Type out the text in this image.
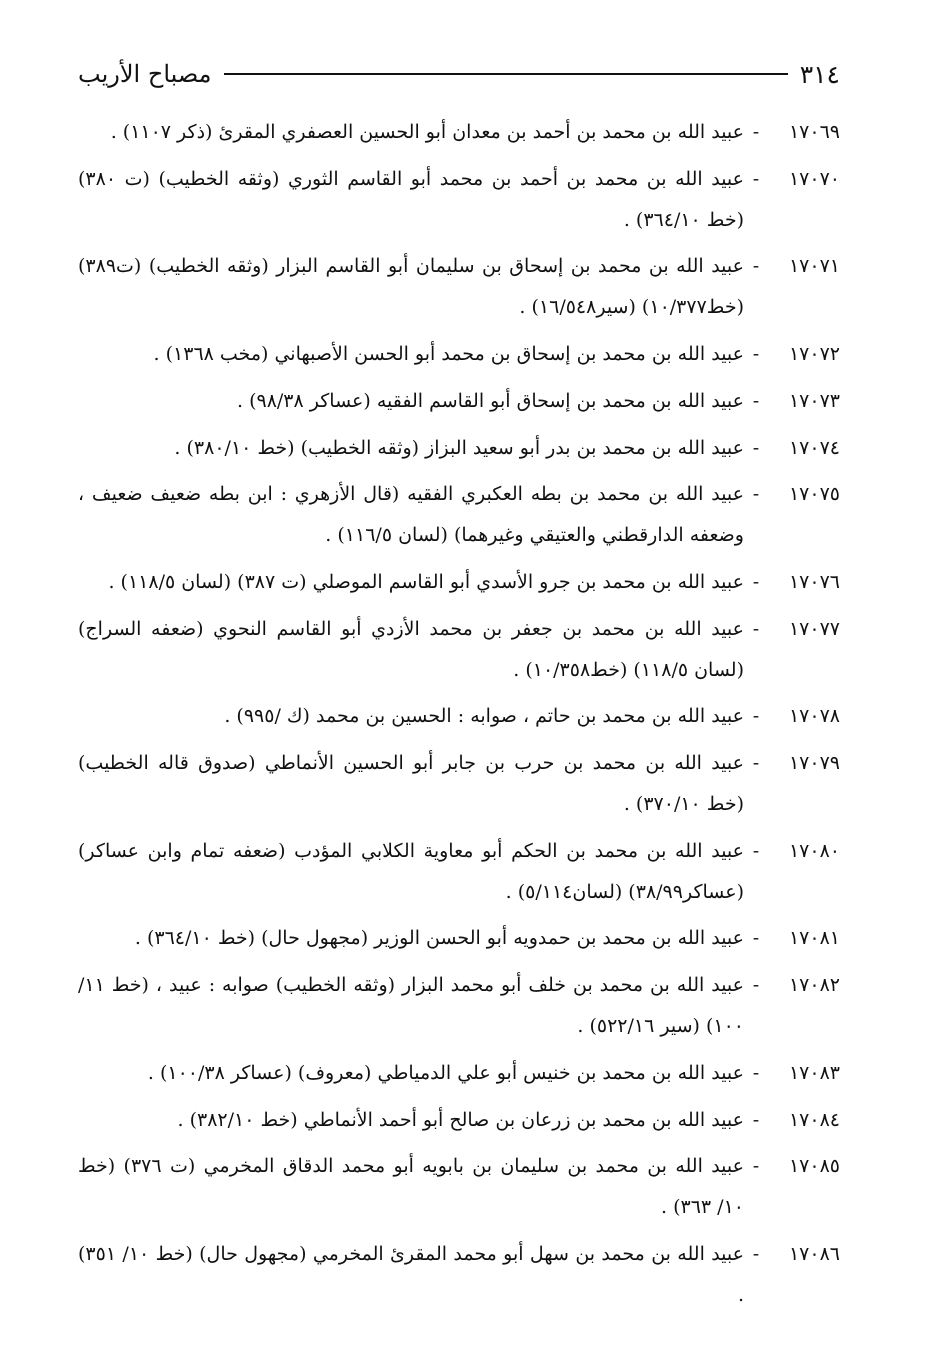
٣١٤
مصباح الأريب
١٧٠٦٩
-
عبيد الله بن محمد بن أحمد بن معدان أبو الحسين العصفري المقرئ (ذكر ١١٠٧) .
١٧٠٧٠
-
عبيد الله بن محمد بن أحمد بن محمد أبو القاسم الثوري (وثقه الخطيب) (ت ٣٨٠) (خط ٣٦٤/١٠) .
١٧٠٧١
-
عبيد الله بن محمد بن إسحاق بن سليمان أبو القاسم البزار (وثقه الخطيب) (ت٣٨٩) (خط١٠/٣٧٧) (سير١٦/٥٤٨) .
١٧٠٧٢
-
عبيد الله بن محمد بن إسحاق بن محمد أبو الحسن الأصبهاني (مخب ١٣٦٨) .
١٧٠٧٣
-
عبيد الله بن محمد بن إسحاق أبو القاسم الفقيه (عساكر ٩٨/٣٨) .
١٧٠٧٤
-
عبيد الله بن محمد بن بدر أبو سعيد البزاز (وثقه الخطيب) (خط ٣٨٠/١٠) .
١٧٠٧٥
-
عبيد الله بن محمد بن بطه العكبري الفقيه (قال الأزهري : ابن بطه ضعيف ضعيف ، وضعفه الدارقطني والعتيقي وغيرهما) (لسان ١١٦/٥) .
١٧٠٧٦
-
عبيد الله بن محمد بن جرو الأسدي أبو القاسم الموصلي (ت ٣٨٧) (لسان ١١٨/٥) .
١٧٠٧٧
-
عبيد الله بن محمد بن جعفر بن محمد الأزدي أبو القاسم النحوي (ضعفه السراج) (لسان ١١٨/٥) (خط١٠/٣٥٨) .
١٧٠٧٨
-
عبيد الله بن محمد بن حاتم ، صوابه : الحسين بن محمد (ك /٩٩٥) .
١٧٠٧٩
-
عبيد الله بن محمد بن حرب بن جابر أبو الحسين الأنماطي (صدوق قاله الخطيب) (خط ٣٧٠/١٠) .
١٧٠٨٠
-
عبيد الله بن محمد بن الحكم أبو معاوية الكلابي المؤدب (ضعفه تمام وابن عساكر) (عساكر٣٨/٩٩) (لسان٥/١١٤) .
١٧٠٨١
-
عبيد الله بن محمد بن حمدويه أبو الحسن الوزير (مجهول حال) (خط ٣٦٤/١٠) .
١٧٠٨٢
-
عبيد الله بن محمد بن خلف أبو محمد البزار (وثقه الخطيب) صوابه : عبيد ، (خط ١١/ ١٠٠) (سير ٥٢٢/١٦) .
١٧٠٨٣
-
عبيد الله بن محمد بن خنيس أبو علي الدمياطي (معروف) (عساكر ١٠٠/٣٨) .
١٧٠٨٤
-
عبيد الله بن محمد بن زرعان بن صالح أبو أحمد الأنماطي (خط ٣٨٢/١٠) .
١٧٠٨٥
-
عبيد الله بن محمد بن سليمان بن بابويه أبو محمد الدقاق المخرمي (ت ٣٧٦) (خط ١٠/ ٣٦٣) .
١٧٠٨٦
-
عبيد الله بن محمد بن سهل أبو محمد المقرئ المخرمي (مجهول حال) (خط ١٠/ ٣٥١) .
